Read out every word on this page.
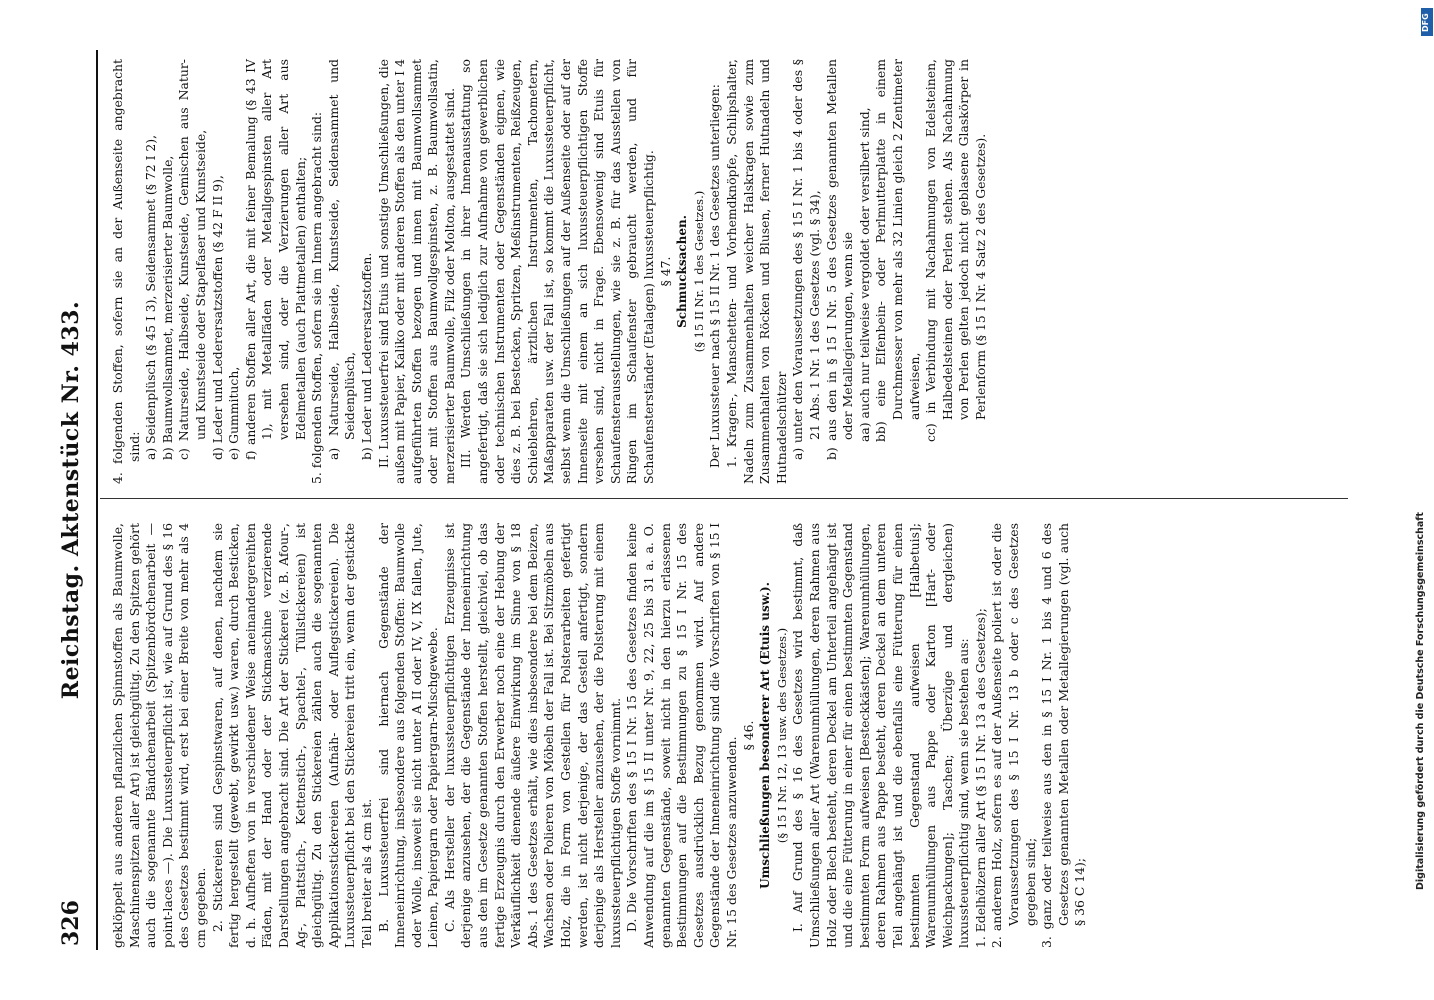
326
Reichstag. Aktenstück Nr. 433.

geklöppelt aus anderen pflanzlichen Spinnstoffen als Baumwolle, Maschinenspitzen aller Art) ist gleichgültig. Zu den Spitzen gehört auch die sogenannte Bändchenarbeit (Spitzenbördchenarbeit — point-laces —). Die Luxussteuerpflicht ist, wie auf Grund des § 16 des Gesetzes bestimmt wird, erst bei einer Breite von mehr als 4 cm gegeben. 2. Stickereien sind Gespinstwaren, auf denen, nachdem sie fertig hergestellt (gewebt, gewirkt usw.) waren, durch Besticken, d. h. Aufheften von in verschiedener Weise aneinandergereihten Fäden, mit der Hand oder der Stickmaschine verzierende Darstellungen angebracht sind. Die Art der Stickerei (z. B. Afour-, Ag-, Plattstich-, Kettenstich-, Spachtel-, Tüllstickereien) ist gleichgültig. Zu den Stickereien zählen auch die sogenannten Applikationsstickereien (Aufnäh- oder Auflegstickereien). Die Luxussteuerpflicht bei den Stickereien tritt ein, wenn der gestickte Teil breiter als 4 cm ist. B. Luxussteuerfrei sind hiernach Gegenstände der Inneneinrichtung, insbesondere aus folgenden Stoffen: Baumwolle oder Wolle, insoweit sie nicht unter A II oder IV, V, IX fallen, Jute, Leinen, Papiergarn oder Papiergarn-Mischgewebe. C. Als Hersteller der luxussteuerpflichtigen Erzeugnisse ist derjenige anzusehen, der die Gegenstände der Inneneinrichtung aus den im Gesetze genannten Stoffen herstellt, gleichviel, ob das fertige Erzeugnis durch den Erwerber noch eine der Hebung der Verkäuflichkeit dienende äußere Einwirkung im Sinne von § 18 Abs. 1 des Gesetzes erhält, wie dies insbesondere bei dem Beizen, Wachsen oder Polieren von Möbeln der Fall ist. Bei Sitzmöbeln aus Holz, die in Form von Gestellen für Polsterarbeiten gefertigt werden, ist nicht derjenige, der das Gestell anfertigt, sondern derjenige als Hersteller anzusehen, der die Polsterung mit einem luxussteuerpflichtigen Stoffe vornimmt. D. Die Vorschriften des § 15 I Nr. 15 des Gesetzes finden keine Anwendung auf die im § 15 II unter Nr. 9, 22, 25 bis 31 a. a. O. genannten Gegenstände, soweit nicht in den hierzu erlassenen Bestimmungen auf die Bestimmungen zu § 15 I Nr. 15 des Gesetzes ausdrücklich Bezug genommen wird. Auf andere Gegenstände der Inneneinrichtung sind die Vorschriften von § 15 I Nr. 15 des Gesetzes anzuwenden.

§ 46. Umschließungen besonderer Art (Etuis usw.). (§ 15 I Nr. 12, 13 usw. des Gesetzes.) I. Auf Grund des § 16 des Gesetzes wird bestimmt, daß Umschließungen aller Art (Warenumhüllungen, deren Rahmen aus Holz oder Blech besteht, deren Deckel am Unterteil angehängt ist und die eine Fütterung in einer für einen bestimmten Gegenstand bestimmten Form aufweisen [Besteckkästen]; Warenumhüllungen, deren Rahmen aus Pappe besteht, deren Deckel an dem unteren Teil angehängt ist und die ebenfalls eine Fütterung für einen bestimmten Gegenstand aufweisen [Halbetuis]; Warenumhüllungen aus Pappe oder Karton [Hart- oder Weichpackungen]; Taschen; Überzüge und dergleichen) luxussteuerpflichtig sind, wenn sie bestehen aus: 1. Edelhölzern aller Art (§ 15 I Nr. 13 a des Gesetzes); 2. anderem Holz, sofern es auf der Außenseite poliert ist oder die Voraussetzungen des § 15 I Nr. 13 b oder c des Gesetzes gegeben sind; 3. ganz oder teilweise aus den in § 15 I Nr. 1 bis 4 und 6 des Gesetzes genannten Metallen oder Metallegierungen (vgl. auch § 36 C 14);

4. folgenden Stoffen, sofern sie an der Außenseite angebracht sind: a) Seidenplüsch (§ 45 I 3), Seidensammet (§ 72 I 2), b) Baumwollsammet, merzerisierter Baumwolle, c) Naturseide, Halbseide, Kunstseide, Gemischen aus Natur- und Kunstseide oder Stapelfaser und Kunstseide, d) Leder und Lederersatzstoffen (§ 42 F II 9), e) Gummituch, f) anderen Stoffen aller Art, die mit feiner Bemalung (§ 43 IV 1), mit Metallfäden oder Metallgespinsten aller Art versehen sind, oder die Verzierungen aller Art aus Edelmetallen (auch Plattmetallen) enthalten; 5. folgenden Stoffen, sofern sie im Innern angebracht sind: a) Naturseide, Halbseide, Kunstseide, Seidensammet und Seidenplüsch, b) Leder und Lederersatzstoffen. II. Luxussteuerfrei sind Etuis und sonstige Umschließungen, die außen mit Papier, Kaliko oder mit anderen Stoffen als den unter I 4 aufgeführten Stoffen bezogen und innen mit Baumwollsammet oder mit Stoffen aus Baumwollgespinsten, z. B. Baumwollsatin, merzerisierter Baumwolle, Filz oder Molton, ausgestattet sind. III. Werden Umschließungen in ihrer Innenausstattung so angefertigt, daß sie sich lediglich zur Aufnahme von gewerblichen oder technischen Instrumenten oder Gegenständen eignen, wie dies z. B. bei Bestecken, Spritzen, Meßinstrumenten, Reißzeugen, Schieblehren, ärztlichen Instrumenten, Tachometern, Maßapparaten usw. der Fall ist, so kommt die Luxussteuerpflicht, selbst wenn die Umschließungen auf der Außenseite oder auf der Innenseite mit einem an sich luxussteuerpflichtigen Stoffe versehen sind, nicht in Frage. Ebensowenig sind Etuis für Schaufensterausstellungen, wie sie z. B. für das Ausstellen von Ringen im Schaufenster gebraucht werden, und für Schaufensterständer (Etalagen) luxussteuerpflichtig. § 47. Schmucksachen. (§ 15 II Nr. 1 des Gesetzes.) Der Luxussteuer nach § 15 II Nr. 1 des Gesetzes unterliegen: 1. Kragen-, Manschetten- und Vorhemdknöpfe, Schlipshalter, Nadeln zum Zusammenhalten weicher Halskragen sowie zum Zusammenhalten von Röcken und Blusen, ferner Hutnadeln und Hutnadelschützer a) unter den Voraussetzungen des § 15 I Nr. 1 bis 4 oder des § 21 Abs. 1 Nr. 1 des Gesetzes (vgl. § 34), b) aus den in § 15 I Nr. 5 des Gesetzes genannten Metallen oder Metallegierungen, wenn sie aa) auch nur teilweise vergoldet oder versilbert sind, bb) eine Elfenbein- oder Perlmutterplatte in einem Durchmesser von mehr als 32 Linien gleich 2 Zentimeter aufweisen, cc) in Verbindung mit Nachahmungen von Edelsteinen, Halbedelsteinen oder Perlen stehen. Als Nachahmung von Perlen gelten jedoch nicht geblasene Glaskörper in Perlenform (§ 15 I Nr. 4 Satz 2 des Gesetzes).

DFG
Digitalisierung gefördert durch die Deutsche Forschungsgemeinschaft
